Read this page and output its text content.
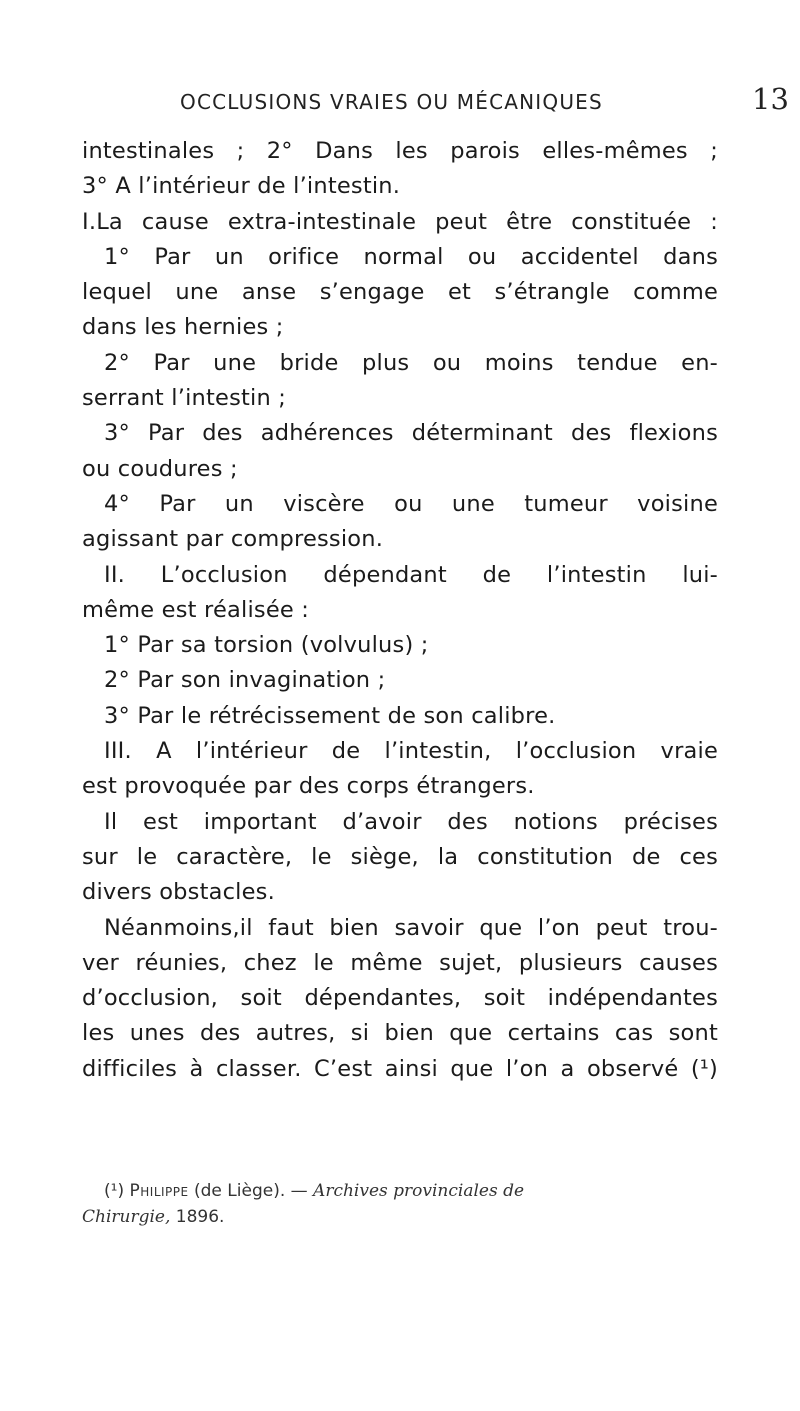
OCCLUSIONS VRAIES OU MÉCANIQUES	13
intestinales ; 2° Dans les parois elles-mêmes ;
3° A l’intérieur de l’intestin.
I.La cause extra-intestinale peut être constituée :
1° Par un orifice normal ou accidentel dans
lequel une anse s’engage et s’étrangle comme
dans les hernies ;
2° Par une bride plus ou moins tendue en-
serrant l’intestin ;
3° Par des adhérences déterminant des flexions
ou coudures ;
4° Par un viscère ou une tumeur voisine
agissant par compression.
II. L’occlusion dépendant de l’intestin lui-
même est réalisée :
1° Par sa torsion (volvulus) ;
2° Par son invagination ;
3° Par le rétrécissement de son calibre.
III. A l’intérieur de l’intestin, l’occlusion vraie
est provoquée par des corps étrangers.
Il est important d’avoir des notions précises
sur le caractère, le siège, la constitution de ces
divers obstacles.
Néanmoins,il faut bien savoir que l’on peut trou-
ver réunies, chez le même sujet, plusieurs causes
d’occlusion, soit dépendantes, soit indépendantes
les unes des autres, si bien que certains cas sont
difficiles à classer. C’est ainsi que l’on a observé (¹)
(¹) Philippe (de Liège). — Archives provinciales de
Chirurgie, 1896.
